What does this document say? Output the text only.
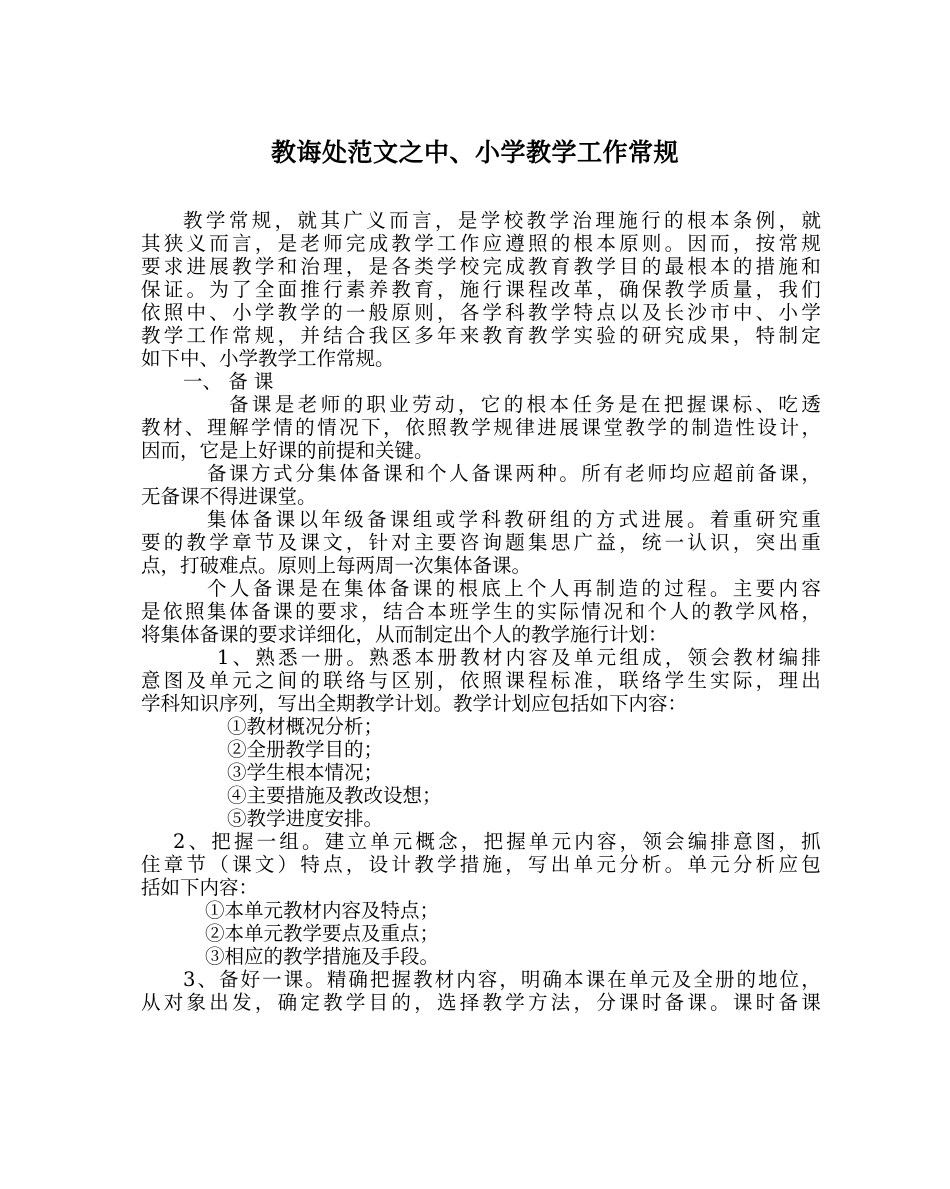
教诲处范文之中、小学教学工作常规
教 学 常 规 ， 就 其 广 义 而 言 ， 是 学 校 教 学 治 理 施 行 的 根 本 条 例 ， 就
其 狭 义 而 言 ， 是 老 师 完 成 教 学 工 作 应 遵 照 的 根 本 原 则 。 因 而 ， 按 常 规
要 求 进 展 教 学 和 治 理 ， 是 各 类 学 校 完 成 教 育 教 学 目 的 最 根 本 的 措 施 和
保 证 。 为 了 全 面 推 行 素 养 教 育 ， 施 行 课 程 改 革 ， 确 保 教 学 质 量 ， 我 们
依 照 中 、 小 学 教 学 的 一 般 原 则 ， 各 学 科 教 学 特 点 以 及 长 沙 市 中 、 小 学
教 学 工 作 常 规 ， 并 结 合 我 区 多 年 来 教 育 教 学 实 验 的 研 究 成 果 ， 特 制 定
如下中、小学教学工作常规。
一、 备 课
备 课 是 老 师 的 职 业 劳 动 ， 它 的 根 本 任 务 是 在 把 握 课 标 、 吃 透
教 材 、 理 解 学 情 的 情 况 下 ， 依 照 教 学 规 律 进 展 课 堂 教 学 的 制 造 性 设 计 ，
因而，它是上好课的前提和关键。
备 课 方 式 分 集 体 备 课 和 个 人 备 课 两 种 。 所 有 老 师 均 应 超 前 备 课 ，
无备课不得进课堂。
集 体 备 课 以 年 级 备 课 组 或 学 科 教 研 组 的 方 式 进 展 。 着 重 研 究 重
要 的 教 学 章 节 及 课 文 ， 针 对 主 要 咨 询 题 集 思 广 益 ， 统 一 认 识 ， 突 出 重
点，打破难点。原则上每两周一次集体备课。
个 人 备 课 是 在 集 体 备 课 的 根 底 上 个 人 再 制 造 的 过 程 。 主 要 内 容
是 依 照 集 体 备 课 的 要 求 ， 结 合 本 班 学 生 的 实 际 情 况 和 个 人 的 教 学 风 格 ，
将集体备课的要求详细化，从而制定出个人的教学施行计划：
1 、 熟 悉 一 册 。 熟 悉 本 册 教 材 内 容 及 单 元 组 成 ， 领 会 教 材 编 排
意 图 及 单 元 之 间 的 联 络 与 区 别 ， 依 照 课 程 标 准 ， 联 络 学 生 实 际 ， 理 出
学科知识序列，写出全期教学计划。教学计划应包括如下内容：
①教材概况分析；
②全册教学目的；
③学生根本情况；
④主要措施及教改设想；
⑤教学进度安排。
2 、 把 握 一 组 。 建 立 单 元 概 念 ， 把 握 单 元 内 容 ， 领 会 编 排 意 图 ， 抓
住 章 节 （ 课 文 ） 特 点 ， 设 计 教 学 措 施 ， 写 出 单 元 分 析 。 单 元 分 析 应 包
括如下内容：
①本单元教材内容及特点；
②本单元教学要点及重点；
③相应的教学措施及手段。
3 、 备 好 一 课 。 精 确 把 握 教 材 内 容 ， 明 确 本 课 在 单 元 及 全 册 的 地 位 ，
从 对 象 出 发 ， 确 定 教 学 目 的 ， 选 择 教 学 方 法 ， 分 课 时 备 课 。 课 时 备 课
